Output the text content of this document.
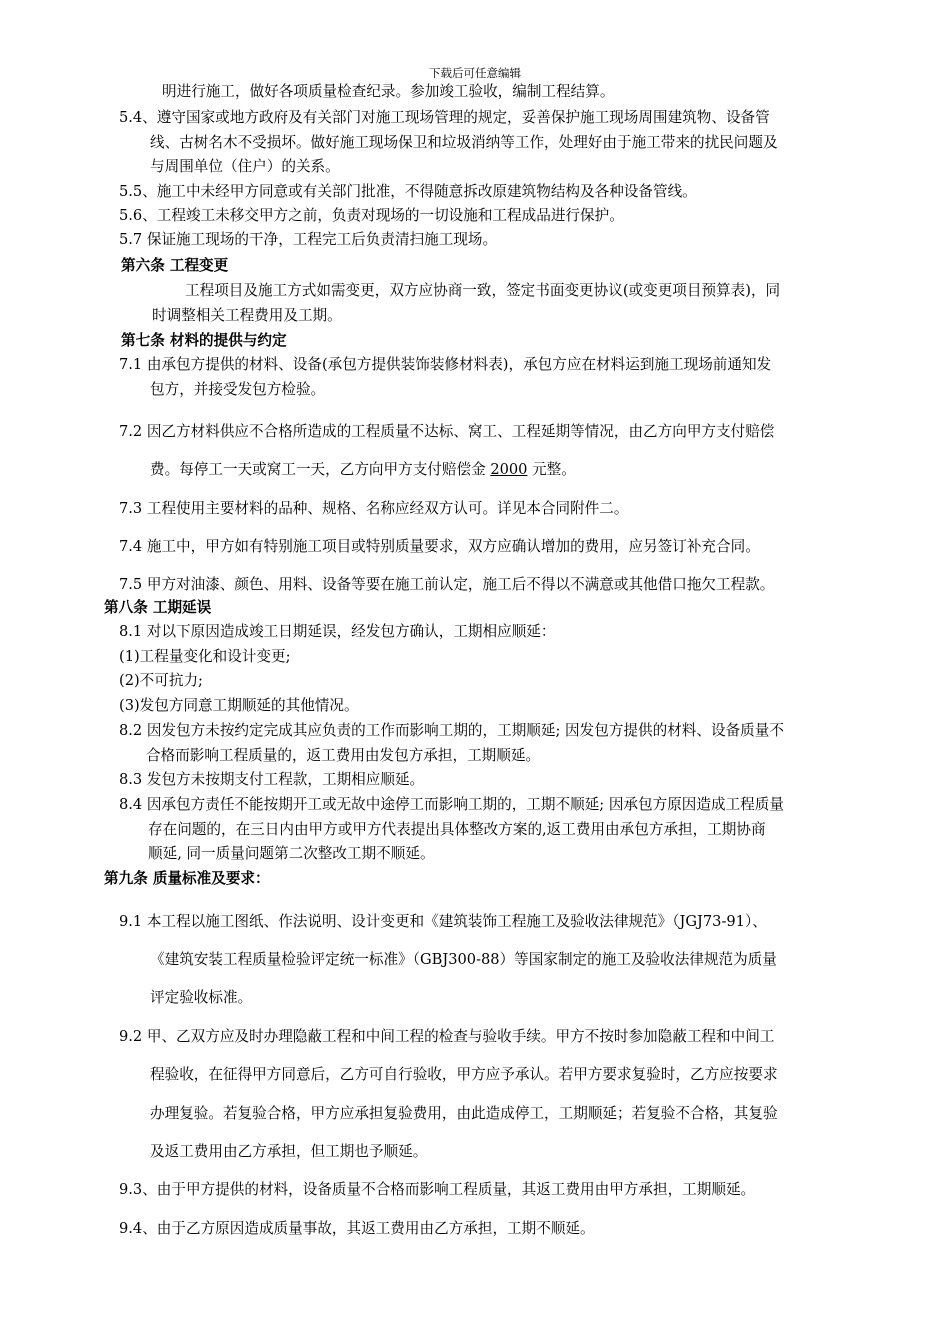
下载后可任意编辑
明进行施工，做好各项质量检查纪录。参加竣工验收，编制工程结算。
5.4、遵守国家或地方政府及有关部门对施工现场管理的规定，妥善保护施工现场周围建筑物、设备管
线、古树名木不受损坏。做好施工现场保卫和垃圾消纳等工作，处理好由于施工带来的扰民问题及
与周围单位（住户）的关系。
5.5、施工中未经甲方同意或有关部门批准，不得随意拆改原建筑物结构及各种设备管线。
5.6、工程竣工未移交甲方之前，负责对现场的一切设施和工程成品进行保护。
5.7 保证施工现场的干净，工程完工后负责清扫施工现场。
第六条 工程变更
工程项目及施工方式如需变更，双方应协商一致，签定书面变更协议(或变更项目预算表)，同
时调整相关工程费用及工期。
第七条 材料的提供与约定
7.1 由承包方提供的材料、设备(承包方提供装饰装修材料表)，承包方应在材料运到施工现场前通知发
包方，并接受发包方检验。
7.2 因乙方材料供应不合格所造成的工程质量不达标、窝工、工程延期等情况，由乙方向甲方支付赔偿
费。每停工一天或窝工一天，乙方向甲方支付赔偿金 2000 元整。
7.3 工程使用主要材料的品种、规格、名称应经双方认可。详见本合同附件二。
7.4 施工中，甲方如有特别施工项目或特别质量要求，双方应确认增加的费用，应另签订补充合同。
7.5 甲方对油漆、颜色、用料、设备等要在施工前认定，施工后不得以不满意或其他借口拖欠工程款。
第八条 工期延误
8.1 对以下原因造成竣工日期延误，经发包方确认，工期相应顺延：
(1)工程量变化和设计变更;
(2)不可抗力;
(3)发包方同意工期顺延的其他情况。
8.2 因发包方未按约定完成其应负责的工作而影响工期的，工期顺延; 因发包方提供的材料、设备质量不
合格而影响工程质量的，返工费用由发包方承担，工期顺延。
8.3 发包方未按期支付工程款，工期相应顺延。
8.4 因承包方责任不能按期开工或无故中途停工而影响工期的，工期不顺延; 因承包方原因造成工程质量
存在问题的，在三日内由甲方或甲方代表提出具体整改方案的,返工费用由承包方承担，工期协商
顺延, 同一质量问题第二次整改工期不顺延。
第九条 质量标准及要求：
9.1 本工程以施工图纸、作法说明、设计变更和《建筑装饰工程施工及验收法律规范》（JGJ73-91）、
《建筑安装工程质量检验评定统一标准》（GBJ300-88）等国家制定的施工及验收法律规范为质量
评定验收标准。
9.2 甲、乙双方应及时办理隐蔽工程和中间工程的检查与验收手续。甲方不按时参加隐蔽工程和中间工
程验收，在征得甲方同意后，乙方可自行验收，甲方应予承认。若甲方要求复验时，乙方应按要求
办理复验。若复验合格，甲方应承担复验费用，由此造成停工，工期顺延；若复验不合格，其复验
及返工费用由乙方承担，但工期也予顺延。
9.3、由于甲方提供的材料，设备质量不合格而影响工程质量，其返工费用由甲方承担，工期顺延。
9.4、由于乙方原因造成质量事故，其返工费用由乙方承担，工期不顺延。
